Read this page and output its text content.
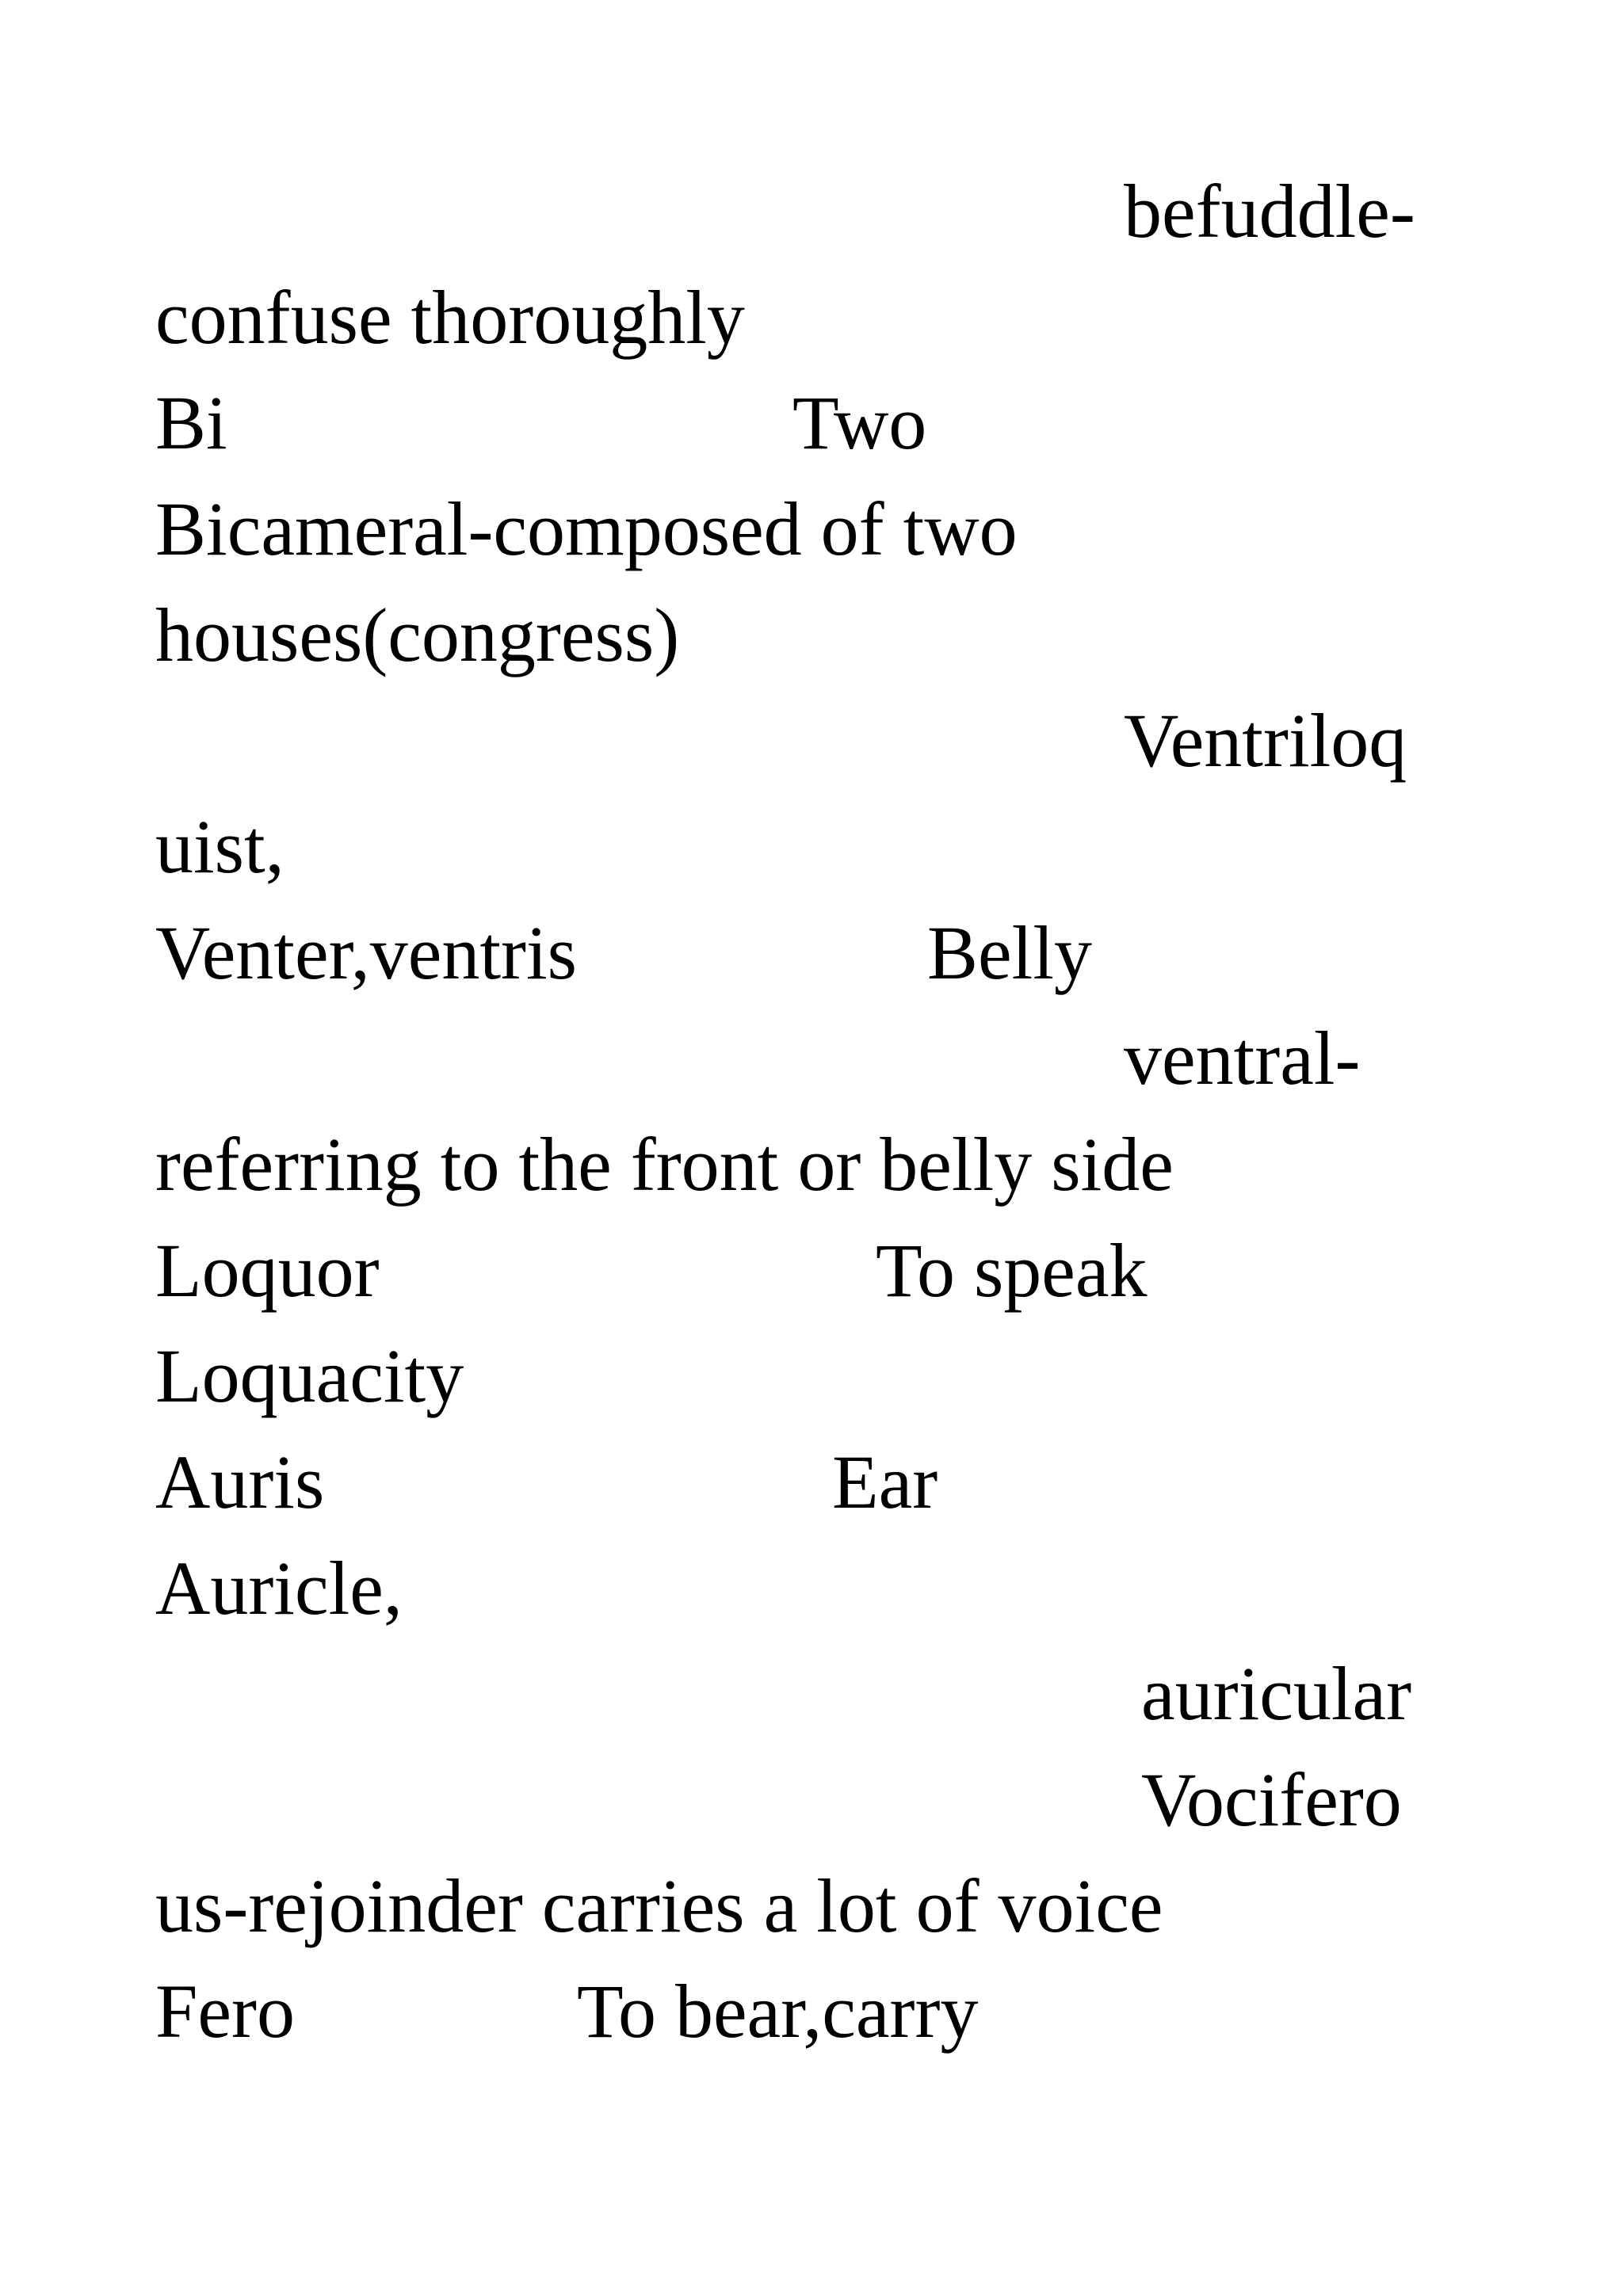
befuddle-
confuse thoroughly
Bi	Two
Bicameral-composed of two
houses(congress)
Ventriloq
uist,
Venter,ventris	Belly
ventral-
referring to the front or belly side
Loquor	To speak
Loquacity
Auris	Ear
Auricle,
auricular
Vocifero
us-rejoinder carries a lot of voice
Fero	To bear,carry
